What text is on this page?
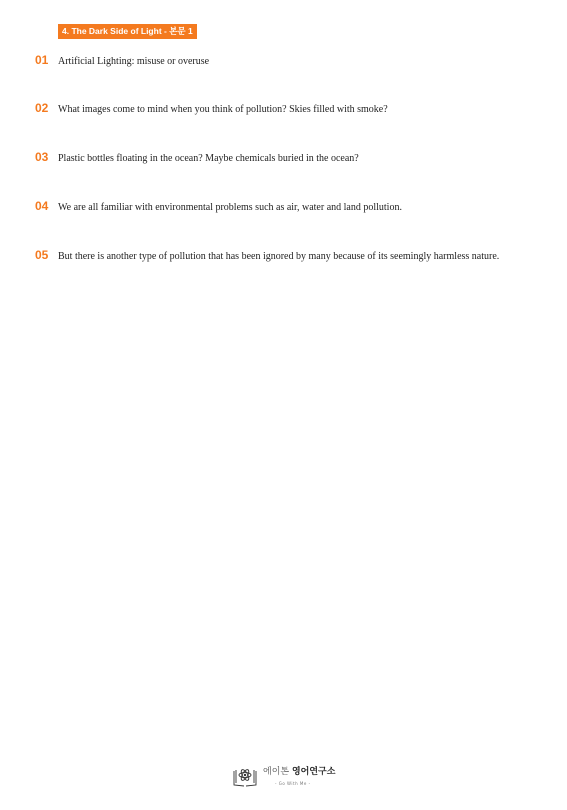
4. The Dark Side of Light - 본문 1
01 Artificial Lighting: misuse or overuse
02 What images come to mind when you think of pollution? Skies filled with smoke?
03 Plastic bottles floating in the ocean? Maybe chemicals buried in the ocean?
04 We are all familiar with environmental problems such as air, water and land pollution.
05 But there is another type of pollution that has been ignored by many because of its seemingly harmless nature.
에이톤 영어연구소
- Go With Me -
